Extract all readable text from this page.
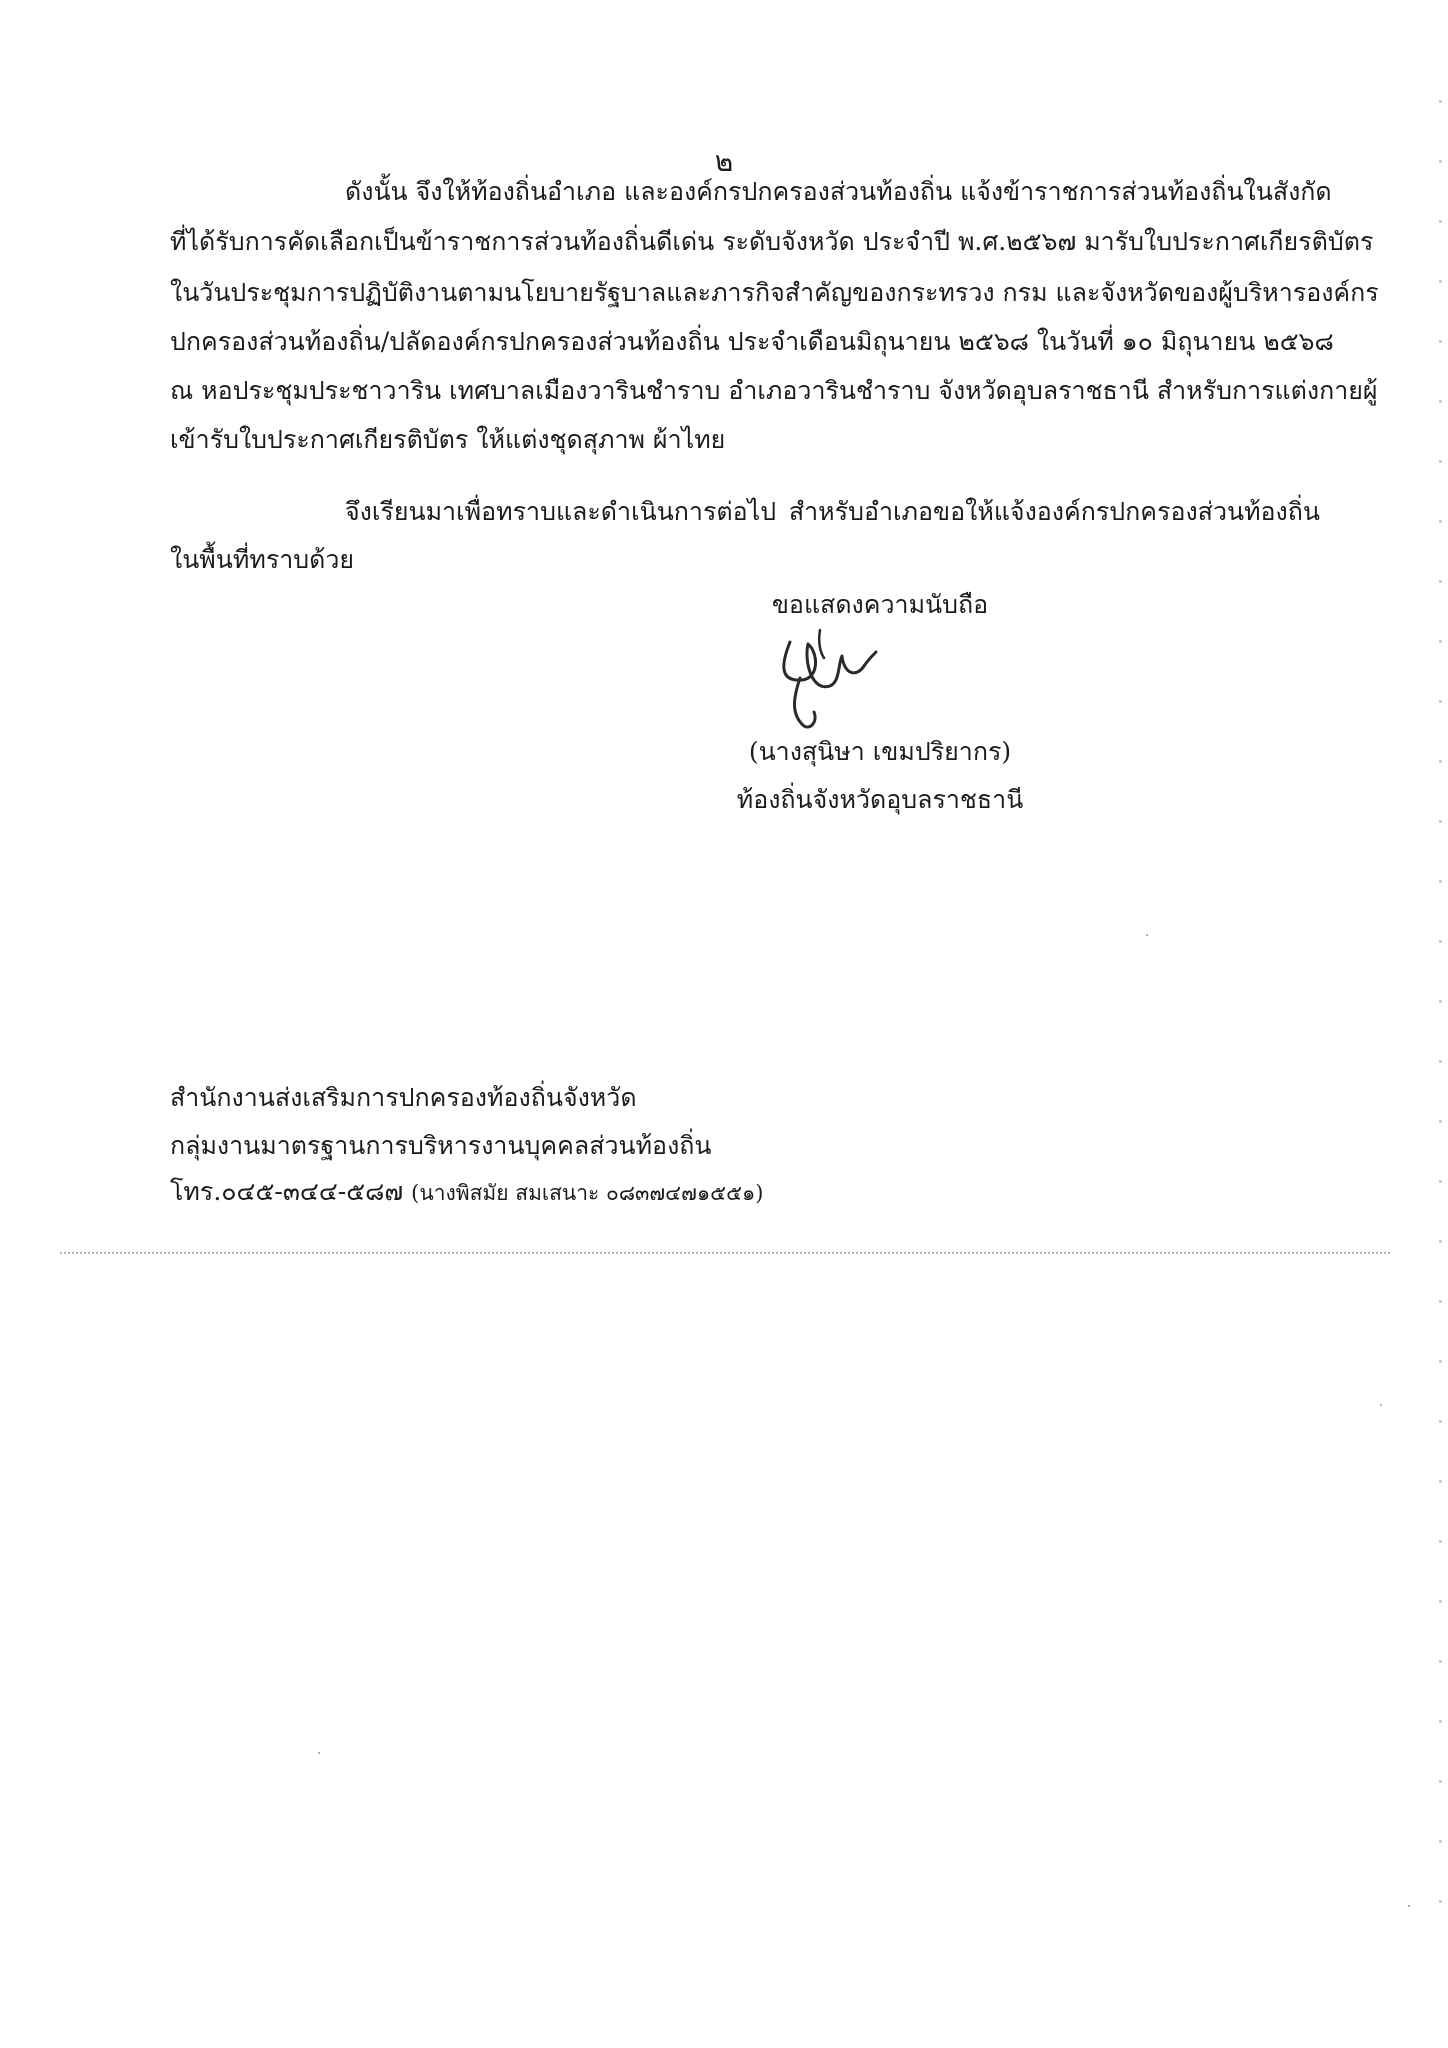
๒
ดังนั้น จึงให้ท้องถิ่นอำเภอ และองค์กรปกครองส่วนท้องถิ่น แจ้งข้าราชการส่วนท้องถิ่นในสังกัด
ที่ได้รับการคัดเลือกเป็นข้าราชการส่วนท้องถิ่นดีเด่น ระดับจังหวัด ประจำปี พ.ศ.๒๕๖๗ มารับใบประกาศเกียรติบัตร
ในวันประชุมการปฏิบัติงานตามนโยบายรัฐบาลและภารกิจสำคัญของกระทรวง กรม และจังหวัดของผู้บริหารองค์กร
ปกครองส่วนท้องถิ่น/ปลัดองค์กรปกครองส่วนท้องถิ่น ประจำเดือนมิถุนายน ๒๕๖๘ ในวันที่ ๑๐ มิถุนายน ๒๕๖๘
ณ หอประชุมประชาวาริน เทศบาลเมืองวารินชำราบ อำเภอวารินชำราบ จังหวัดอุบลราชธานี สำหรับการแต่งกายผู้
เข้ารับใบประกาศเกียรติบัตร ให้แต่งชุดสุภาพ ผ้าไทย
จึงเรียนมาเพื่อทราบและดำเนินการต่อไป สำหรับอำเภอขอให้แจ้งองค์กรปกครองส่วนท้องถิ่น
ในพื้นที่ทราบด้วย
ขอแสดงความนับถือ
(นางสุนิษา เขมปริยากร)
ท้องถิ่นจังหวัดอุบลราชธานี
สำนักงานส่งเสริมการปกครองท้องถิ่นจังหวัด
กลุ่มงานมาตรฐานการบริหารงานบุคคลส่วนท้องถิ่น
โทร.๐๔๕-๓๔๔-๕๘๗ (นางพิสมัย สมเสนาะ ๐๘๓๗๔๗๑๕๕๑)
